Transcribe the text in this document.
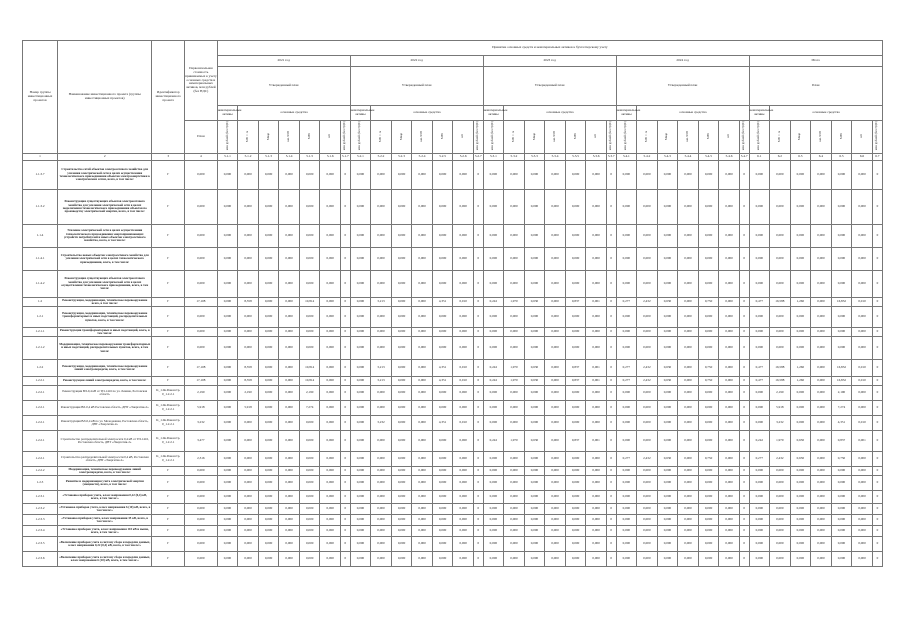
Номер группы инвестиционных проектов	Наименование инвестиционного проекта (группы инвестиционных проектов)	Идентификатор инвестиционного проекта	Первоначальная стоимость принимаемых к учету основных средств и нематериальных активов, млн рублей (без НДС)	Принятие основных средств и нематериальных активов к бухгалтерскому учету																																		
				2021 год							2022 год							2023 год							2024 год							Итого						
				Утвержденный план							Утвержденный план							Утвержденный план							Утвержденный план							План						
				нематериальные активы	основные средства						нематериальные активы	основные средства						нематериальные активы	основные средства						нематериальные активы	основные средства						нематериальные активы	основные средства					
			План	млн рублей (без НДС)	МВ×А	Мвар	км ЛЭП	МВт	шт	млн рублей (без НДС)	млн рублей (без НДС)	МВ×А	Мвар	км ЛЭП	МВт	шт	млн рублей (без НДС)	млн рублей (без НДС)	МВ×А	Мвар	км ЛЭП	МВт	шт	млн рублей (без НДС)	млн рублей (без НДС)	МВ×А	Мвар	км ЛЭП	МВт	шт	млн рублей (без НДС)	млн рублей (без НДС)	МВ×А	Мвар	км ЛЭП	МВт	шт	млн рублей (без НДС)
1	2	3	4	5.1.1	5.1.2	5.1.3	5.1.4	5.1.5	5.1.6	5.1.7	5.2.1	5.2.2	5.2.3	5.2.4	5.2.5	5.2.6	5.2.7	5.3.1	5.3.2	5.3.3	5.3.4	5.3.5	5.3.6	5.3.7	5.4.1	5.4.2	5.4.3	5.4.4	5.4.5	5.4.6	5.4.7	6.1	6.2	6.3	6.4	6.5	6.6	6.7
1.1.3.7	Строительство сетей объектов электросетевого хозяйства для усиления электрической сети в целях осуществления технологического присоединения объектов электроэнергетики к электрическим сетям, всего, в том числе:	Г	0,000	0,000	0,000	0,000	0,000	0,000	0,000	0	0,000	0,000	0,000	0,000	0,000	0,000	0	0,000	0,000	0,000	0,000	0,000	0,000	0	0,000	0,000	0,000	0,000	0,000	0,000	0	0,000	0,000	0,000	0,000	0,000	0,000	0
1.1.3.2	Реконструкция существующих объектов электросетевого хозяйства для усиления электрической сети в целях подключения технологического присоединения объектов по производству электрической энергии, всего, в том числе:	Г	0,000	0,000	0,000	0,000	0,000	0,000	0,000	0	0,000	0,000	0,000	0,000	0,000	0,000	0	0,000	0,000	0,000	0,000	0,000	0,000	0	0,000	0,000	0,000	0,000	0,000	0,000	0	0,000	0,000	0,000	0,000	0,000	0,000	0
1.1.4	Усиление электрической сети в целях осуществления технологического присоединения энергопринимающих устройств потребителей и иных объектов электросетевого хозяйства, всего, в том числе:	Г	0,000	0,000	0,000	0,000	0,000	0,000	0,000	0	0,000	0,000	0,000	0,000	0,000	0,000	0	0,000	0,000	0,000	0,000	0,000	0,000	0	0,000	0,000	0,000	0,000	0,000	0,000	0	0,000	0,000	0,000	0,000	0,000	0,000	0
1.1.4.1	Строительство новых объектов электросетевого хозяйства для усиления электрической сети в целях технологического присоединения, всего, в том числе:	Г	0,000	0,000	0,000	0,000	0,000	0,000	0,000	0	0,000	0,000	0,000	0,000	0,000	0,000	0	0,000	0,000	0,000	0,000	0,000	0,000	0	0,000	0,000	0,000	0,000	0,000	0,000	0	0,000	0,000	0,000	0,000	0,000	0,000	0
1.1.4.2	Реконструкция существующих объектов электросетевого хозяйства для усиления электрической сети в целях осуществления технологического присоединения, всего, в том числе:	Г	0,000	0,000	0,000	0,000	0,000	0,000	0,000	0	0,000	0,000	0,000	0,000	0,000	0,000	0	0,000	0,000	0,000	0,000	0,000	0,000	0	0,000	0,000	0,000	0,000	0,000	0,000	0	0,000	0,000	0,000	0,000	0,000	0,000	0
1.2	Реконструкция, модернизация, техническое перевооружение всего, в том числе:	Г	17,108	0,000	8,358	0,000	0,000	10,814	0,000	0	0,000	3,213	0,000	0,000	4,351	0,010	0	0,242	1,970	0,630	0,000	0,837	0,001	0	0,277	2,432	0,630	0,000	0,750	0,000	0	0,477	16,588	1,260	0,000	16,832	0,010	0
1.2.1	Реконструкция, модернизация, техническое перевооружение трансформаторных и иных подстанций, распределительных пунктов, всего, в том числе:	Г	0,000	0,000	0,000	0,000	0,000	0,000	0,000	0	0,000	0,000	0,000	0,000	0,000	0,000	0	0,000	0,000	0,000	0,000	0,000	0,000	0	0,000	0,000	0,000	0,000	0,000	0,000	0	0,000	0,000	0,000	0,000	0,000	0,000	0
1.2.1.1	Реконструкция трансформаторных и иных подстанций, всего, в том числе:	Г	0,000	0,000	0,000	0,000	0,000	0,000	0,000	0	0,000	0,000	0,000	0,000	0,000	0,000	0	0,000	0,000	0,000	0,000	0,000	0,000	0	0,000	0,000	0,000	0,000	0,000	0,000	0	0,000	0,000	0,000	0,000	0,000	0,000	0
1.2.1.2	Модернизация, техническое перевооружение трансформаторных и иных подстанций, распределительных пунктов, всего, в том числе:	Г	0,000	0,000	0,000	0,000	0,000	0,000	0,000	0	0,000	0,000	0,000	0,000	0,000	0,000	0	0,000	0,000	0,000	0,000	0,000	0,000	0	0,000	0,000	0,000	0,000	0,000	0,000	0	0,000	0,000	0,000	0,000	0,000	0,000	0
1.2.2	Реконструкция, модернизация, техническое перевооружение линий электропередачи, всего, в том числе:	Г	17,108	0,000	8,358	0,000	0,000	10,814	0,000	0	0,000	3,213	0,000	0,000	4,351	0,010	0	0,242	1,970	0,630	0,000	0,837	0,001	0	0,277	2,432	0,630	0,000	0,750	0,000	0	0,477	16,588	1,260	0,000	16,832	0,010	0
1.2.2.1	Реконструкция линий электропередачи, всего, в том числе:	Г	17,108	0,000	8,358	0,000	0,000	10,814	0,000	0	0,000	3,213	0,000	0,000	4,351	0,010	0	0,242	1,970	0,630	0,000	0,837	0,001	0	0,277	2,432	0,630	0,000	0,750	0,000	0	0,477	16,588	1,260	0,000	16,832	0,010	0
1.2.2.1	Реконструкция ВЛ-0,4 кВ от ТП-1416 по ул. Ленина, Ростовская область	K_1.0в.Реконстр. 0_1.2.2.1	2,190	0,000	2,190	0,000	0,000	2,190	0,000	0	0,000	0,000	0,000	0,000	0,000	0,000	0	0,000	0,000	0,000	0,000	0,000	0,000	0	0,000	0,000	0,000	0,000	0,000	0,000	0	0,000	2,190	0,000	0,000	2,190	0,000	0
1.2.2.1	Реконструкция ВЛ-0,4 кВ Ростовская область, ДНТ «Энергетик-2»	K_1.0в.Реконстр. 0_1.2.2.1	5,918	0,000	5,918	0,000	0,000	7,274	0,000	0	0,000	0,000	0,000	0,000	0,000	0,000	0	0,000	0,000	0,000	0,000	0,000	0,000	0	0,000	0,000	0,000	0,000	0,000	0,000	0	0,000	5,918	0,000	0,000	7,274	0,000	0
1.2.2.1	Реконструкция ВЛ-0,4 кВ по ул. Молодежная, Ростовская область, ДНТ «Энергетик-2»	K_1.0в.Реконстр. 0_1.2.2.1	3,232	0,000	0,000	0,000	0,000	0,000	0,000	0	0,000	3,232	0,000	0,000	4,351	0,010	0	0,000	0,000	0,000	0,000	0,000	0,000	0	0,000	0,000	0,000	0,000	0,000	0,000	0	0,000	3,232	0,000	0,000	4,351	0,010	0
1.2.2.1	Строительство распределительной электросети 0,4 кВ от ТП-1416, Ростовская область, ДНТ «Энергетик-2»	K_1.0в.Реконстр. 0_1.2.2.1	3,477	0,000	0,000	0,000	0,000	0,000	0,000	0	0,000	0,000	0,000	0,000	0,000	0,000	0	0,242	1,970	0,630	0,000	0,837	0,001	0	0,000	0,000	0,000	0,000	0,000	0,000	0	0,242	1,970	0,630	0,000	0,837	0,001	0
1.2.2.1	Строительство распределительной электросети 0,4 кВ, Ростовская область, ДНТ «Энергетик-2»	K_1.0в.Реконстр. 0_1.2.2.1	2,316	0,000	0,000	0,000	0,000	0,000	0,000	0	0,000	0,000	0,000	0,000	0,000	0,000	0	0,000	0,000	0,000	0,000	0,000	0,000	0	0,277	2,432	0,630	0,000	0,750	0,000	0	0,277	2,432	0,630	0,000	0,750	0,000	0
1.2.2.2	Модернизация, техническое перевооружение линий электропередачи, всего, в том числе:	Г	0,000	0,000	0,000	0,000	0,000	0,000	0,000	0	0,000	0,000	0,000	0,000	0,000	0,000	0	0,000	0,000	0,000	0,000	0,000	0,000	0	0,000	0,000	0,000	0,000	0,000	0,000	0	0,000	0,000	0,000	0,000	0,000	0,000	0
1.2.3	Развитие и модернизация учета электрической энергии (мощности), всего, в том числе:	Г	0,000	0,000	0,000	0,000	0,000	0,000	0,000	0	0,000	0,000	0,000	0,000	0,000	0,000	0	0,000	0,000	0,000	0,000	0,000	0,000	0	0,000	0,000	0,000	0,000	0,000	0,000	0	0,000	0,000	0,000	0,000	0,000	0,000	0
1.2.3.1	«Установка приборов учета, класс напряжения 0,22 (0,4) кВ, всего, в том числе:»	Г	0,000	0,000	0,000	0,000	0,000	0,000	0,000	0	0,000	0,000	0,000	0,000	0,000	0,000	0	0,000	0,000	0,000	0,000	0,000	0,000	0	0,000	0,000	0,000	0,000	0,000	0,000	0	0,000	0,000	0,000	0,000	0,000	0,000	0
1.2.3.2	«Установка приборов учета, класс напряжения 6 (10) кВ, всего, в том числе:»	Г	0,000	0,000	0,000	0,000	0,000	0,000	0,000	0	0,000	0,000	0,000	0,000	0,000	0,000	0	0,000	0,000	0,000	0,000	0,000	0,000	0	0,000	0,000	0,000	0,000	0,000	0,000	0	0,000	0,000	0,000	0,000	0,000	0,000	0
1.2.3.3	«Установка приборов учета, класс напряжения 35 кВ, всего, в том числе:»	Г	0,000	0,000	0,000	0,000	0,000	0,000	0,000	0	0,000	0,000	0,000	0,000	0,000	0,000	0	0,000	0,000	0,000	0,000	0,000	0,000	0	0,000	0,000	0,000	0,000	0,000	0,000	0	0,000	0,000	0,000	0,000	0,000	0,000	0
1.2.3.4	«Установка приборов учета, класс напряжения 110 кВ и выше, всего, в том числе:»	Г	0,000	0,000	0,000	0,000	0,000	0,000	0,000	0	0,000	0,000	0,000	0,000	0,000	0,000	0	0,000	0,000	0,000	0,000	0,000	0,000	0	0,000	0,000	0,000	0,000	0,000	0,000	0	0,000	0,000	0,000	0,000	0,000	0,000	0
1.2.3.5	«Включение приборов учета в систему сбора и передачи данных, класс напряжения 0,22 (0,4) кВ, всего, в том числе:»	Г	0,000	0,000	0,000	0,000	0,000	0,000	0,000	0	0,000	0,000	0,000	0,000	0,000	0,000	0	0,000	0,000	0,000	0,000	0,000	0,000	0	0,000	0,000	0,000	0,000	0,000	0,000	0	0,000	0,000	0,000	0,000	0,000	0,000	0
1.2.3.6	«Включение приборов учета в систему сбора и передачи данных, класс напряжения 6 (10) кВ, всего, в том числе:»	Г	0,000	0,000	0,000	0,000	0,000	0,000	0,000	0	0,000	0,000	0,000	0,000	0,000	0,000	0	0,000	0,000	0,000	0,000	0,000	0,000	0	0,000	0,000	0,000	0,000	0,000	0,000	0	0,000	0,000	0,000	0,000	0,000	0,000	0
